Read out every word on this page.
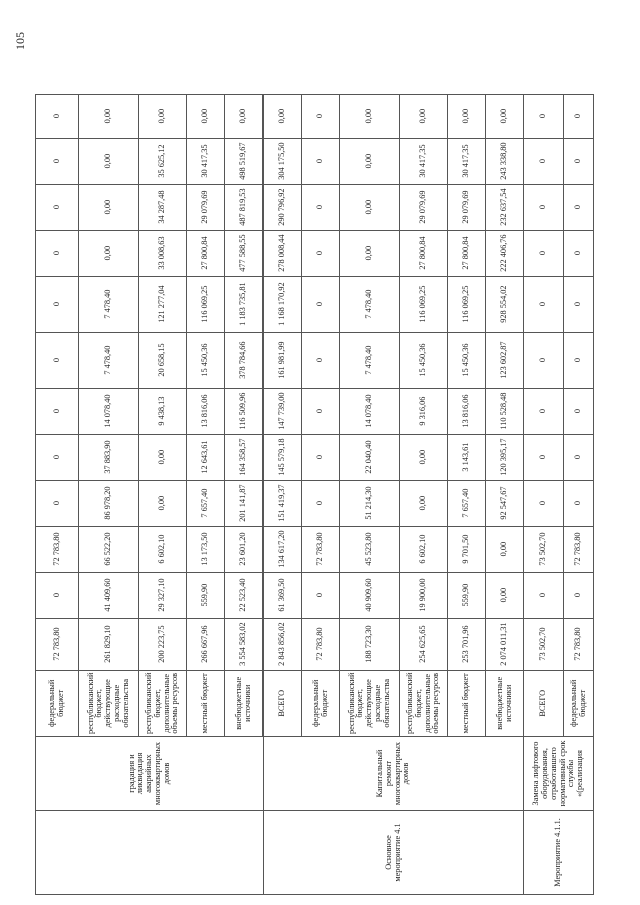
105
	градация и ликвидация аварийных многоквартирных домов	федеральный бюджет	72 783,80	0	72 783,80	0	0	0	0	0	0	0	0	0
		республиканский бюджет, действующие расходные обязательства	261 829,10	41 409,60	66 522,20	86 978,20	37 883,90	14 078,40	7 478,40	7 478,40	0,00	0,00	0,00	0,00
		республиканский бюджет, дополнительные объемы ресурсов	200 223,75	29 327,10	6 602,10	0,00	0,00	9 438,13	20 658,15	121 277,04	33 008,63	34 287,48	35 625,12	0,00
		местный бюджет	266 667,96	559,90	13 173,50	7 657,40	12 643,61	13 816,06	15 450,36	116 069,25	27 800,84	29 079,69	30 417,35	0,00
		внебюджетные источники	3 554 583,02	22 523,40	23 601,20	201 141,87	164 358,57	116 509,96	378 784,66	1 183 735,81	477 588,55	487 819,53	498 519,67	0,00

Основное мероприятие 4.1	Капитальный ремонт многоквартирных домов	ВСЕГО	2 843 856,02	61 369,50	134 617,20	151 419,37	145 579,18	147 739,00	161 981,99	1 168 170,92	278 008,44	290 796,92	304 175,50	0,00
		федеральный бюджет	72 783,80	0	72 783,80	0	0	0	0	0	0	0	0	0
		республиканский бюджет, действующие расходные обязательства	188 723,30	40 909,60	45 523,80	51 214,30	22 040,40	14 078,40	7 478,40	7 478,40	0,00	0,00	0,00	0,00
		республиканский бюджет, дополнительные объемы ресурсов	254 625,65	19 900,00	6 602,10	0,00	0,00	9 316,06	15 450,36	116 069,25	27 800,84	29 079,69	30 417,35	0,00
		местный бюджет	253 701,96	559,90	9 701,50	7 657,40	3 143,61	13 816,06	15 450,36	116 069,25	27 800,84	29 079,69	30 417,35	0,00
		внебюджетные источники	2 074 011,31	0,00	0,00	92 547,67	120 395,17	110 528,48	123 602,87	928 554,02	222 406,76	232 637,54	243 338,80	0,00
Мероприятие 4.1.1.	Замена лифтового оборудования, отработавшего нормативный срок службы «(реализация	ВСЕГО	73 502,70	0	73 502,70	0	0	0	0	0	0	0	0	0
		федеральный бюджет	72 783,80	0	72 783,80	0	0	0	0	0	0	0	0	0
